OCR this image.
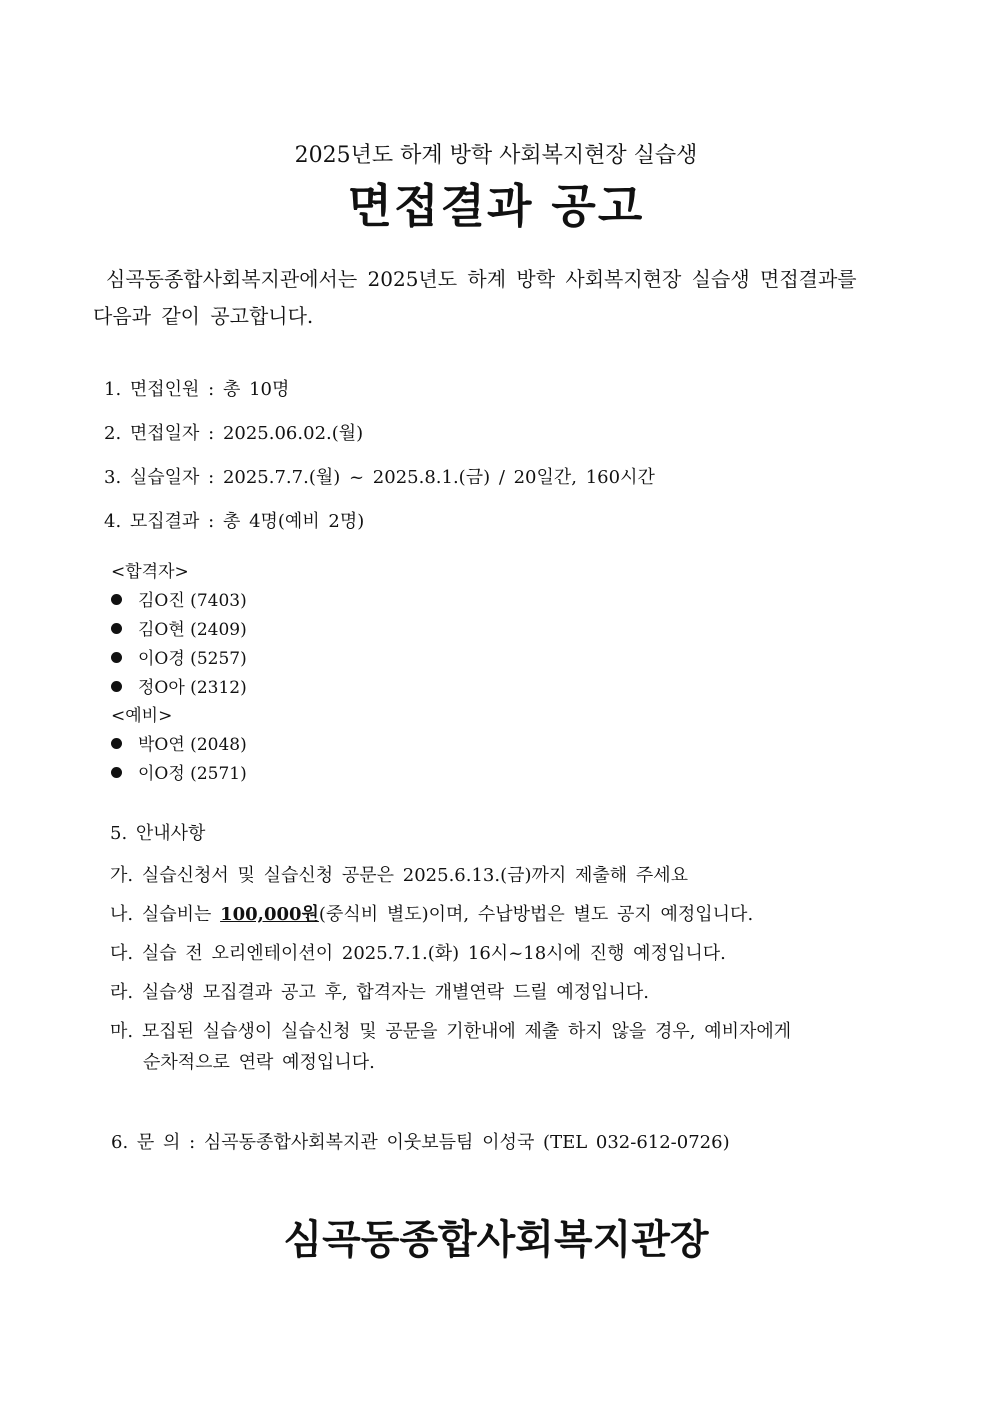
2025년도 하계 방학 사회복지현장 실습생
면접결과 공고
심곡동종합사회복지관에서는 2025년도 하계 방학 사회복지현장 실습생 면접결과를
다음과 같이 공고합니다.
1. 면접인원 : 총 10명
2. 면접일자 : 2025.06.02.(월)
3. 실습일자 : 2025.7.7.(월) ~ 2025.8.1.(금) / 20일간, 160시간
4. 모집결과 : 총 4명(예비 2명)
<합격자>
김O진 (7403)
김O현 (2409)
이O경 (5257)
정O아 (2312)
<예비>
박O연 (2048)
이O정 (2571)
5. 안내사항
가. 실습신청서 및 실습신청 공문은 2025.6.13.(금)까지 제출해 주세요
나. 실습비는 100,000원(중식비 별도)이며, 수납방법은 별도 공지 예정입니다.
다. 실습 전 오리엔테이션이 2025.7.1.(화) 16시~18시에 진행 예정입니다.
라. 실습생 모집결과 공고 후, 합격자는 개별연락 드릴 예정입니다.
마. 모집된 실습생이 실습신청 및 공문을 기한내에 제출 하지 않을 경우, 예비자에게
순차적으로 연락 예정입니다.
6. 문 의 : 심곡동종합사회복지관 이웃보듬팀 이성국 (TEL 032-612-0726)
심곡동종합사회복지관장
